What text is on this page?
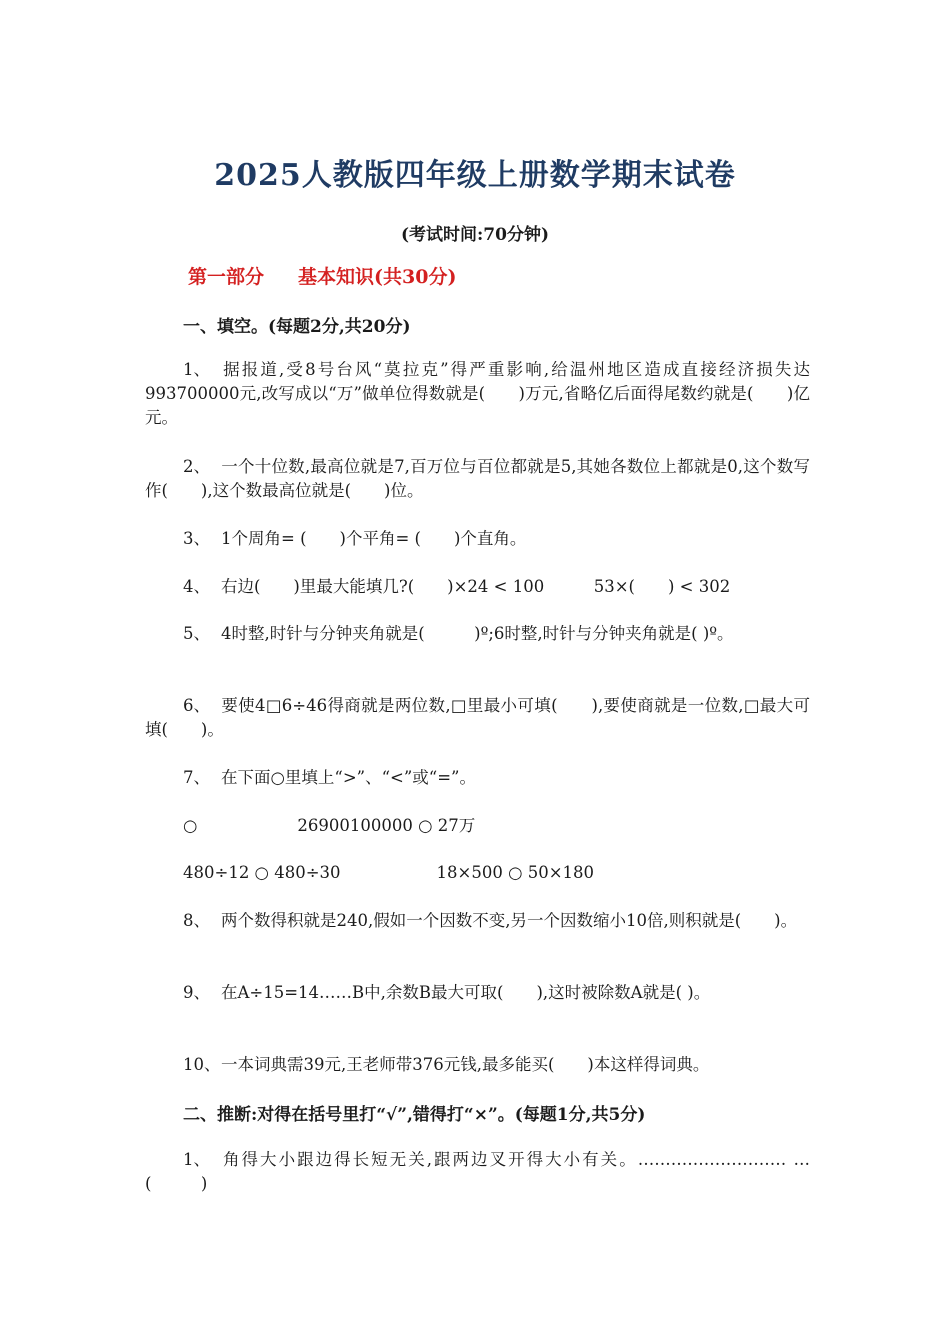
2025人教版四年级上册数学期末试卷
(考试时间:70分钟)
第一部分 基本知识(共30分)
一、填空。(每题2分,共20分)
1、 据报道,受8号台风“莫拉克”得严重影响,给温州地区造成直接经济损失达993700000元,改写成以“万”做单位得数就是(　　)万元,省略亿后面得尾数约就是(　　)亿元。
2、 一个十位数,最高位就是7,百万位与百位都就是5,其她各数位上都就是0,这个数写作(　　),这个数最高位就是(　　)位。
3、 1个周角= (　　)个平角= (　　)个直角。
4、 右边(　　)里最大能填几?(　　)×24 < 100　　　53×(　　) < 302
5、 4时整,时针与分钟夹角就是(　　　)º;6时整,时针与分钟夹角就是( )º。
6、 要使4□6÷46得商就是两位数,□里最小可填(　　),要使商就是一位数,□最大可填(　　)。
7、 在下面○里填上“>”、“<”或“=”。
○	26900100000 ○ 27万
480÷12 ○ 480÷30	18×500 ○ 50×180
8、 两个数得积就是240,假如一个因数不变,另一个因数缩小10倍,则积就是(　　)。
9、 在A÷15=14……B中,余数B最大可取(　　),这时被除数A就是( )。
10、一本词典需39元,王老师带376元钱,最多能买(　　)本这样得词典。
二、推断:对得在括号里打“√”,错得打“×”。(每题1分,共5分)
1、 角得大小跟边得长短无关,跟两边叉开得大小有关。……………………… …(　　　)
